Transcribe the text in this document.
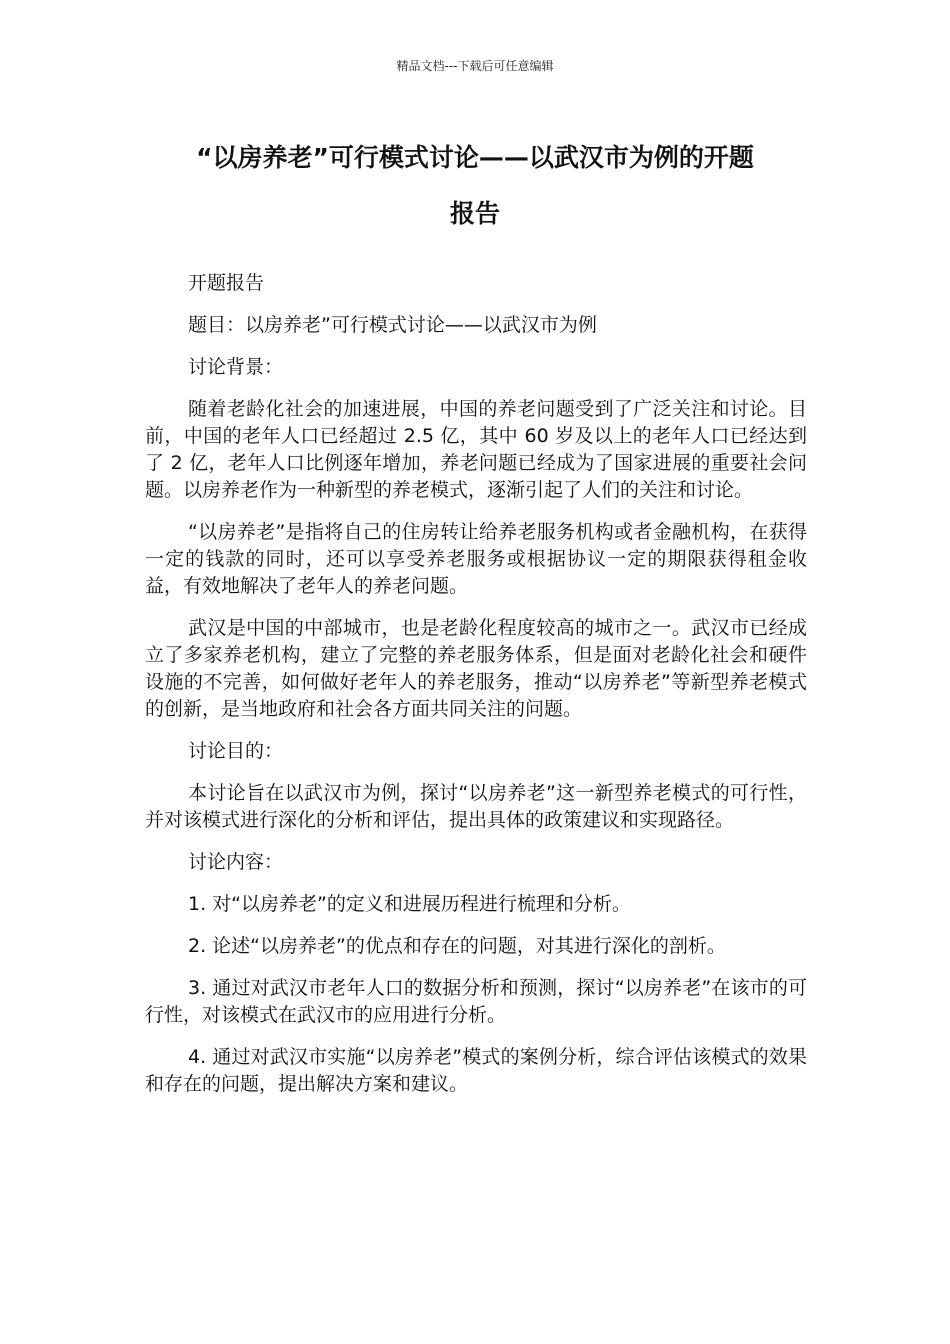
精品文档---下载后可任意编辑
“以房养老”可行模式讨论——以武汉市为例的开题
报告

开题报告

题目：以房养老”可行模式讨论——以武汉市为例

讨论背景：

随着老龄化社会的加速进展，中国的养老问题受到了广泛关注和讨论。目前，中国的老年人口已经超过 2.5 亿，其中 60 岁及以上的老年人口已经达到了 2 亿，老年人口比例逐年增加，养老问题已经成为了国家进展的重要社会问题。以房养老作为一种新型的养老模式，逐渐引起了人们的关注和讨论。

“以房养老”是指将自己的住房转让给养老服务机构或者金融机构，在获得一定的钱款的同时，还可以享受养老服务或根据协议一定的期限获得租金收益，有效地解决了老年人的养老问题。

武汉是中国的中部城市，也是老龄化程度较高的城市之一。武汉市已经成立了多家养老机构，建立了完整的养老服务体系，但是面对老龄化社会和硬件设施的不完善，如何做好老年人的养老服务，推动“以房养老”等新型养老模式的创新，是当地政府和社会各方面共同关注的问题。

讨论目的：

本讨论旨在以武汉市为例，探讨“以房养老”这一新型养老模式的可行性，并对该模式进行深化的分析和评估，提出具体的政策建议和实现路径。

讨论内容：

1. 对“以房养老”的定义和进展历程进行梳理和分析。

2. 论述“以房养老”的优点和存在的问题，对其进行深化的剖析。

3. 通过对武汉市老年人口的数据分析和预测，探讨“以房养老”在该市的可行性，对该模式在武汉市的应用进行分析。

4. 通过对武汉市实施“以房养老”模式的案例分析，综合评估该模式的效果和存在的问题，提出解决方案和建议。
